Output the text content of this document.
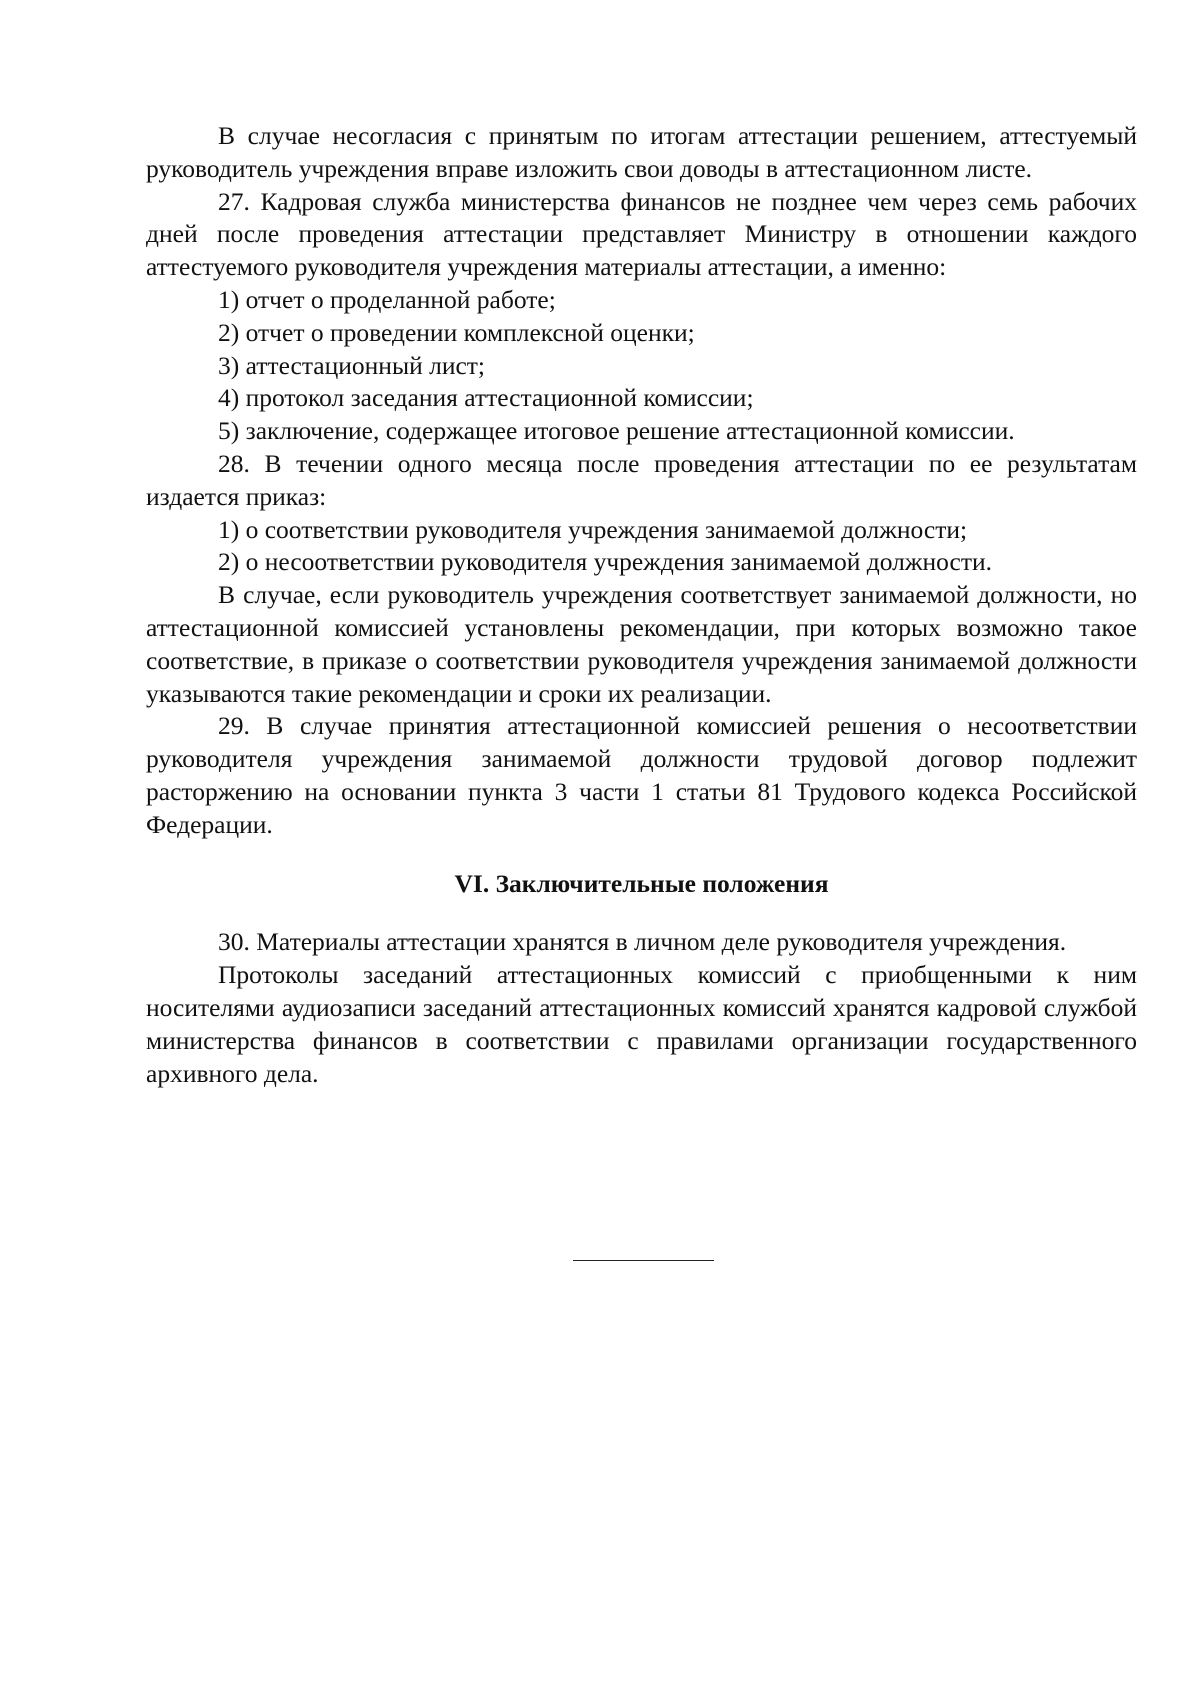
В случае несогласия с принятым по итогам аттестации решением, аттестуемый руководитель учреждения вправе изложить свои доводы в аттестационном листе.

27. Кадровая служба министерства финансов не позднее чем через семь рабочих дней после проведения аттестации представляет Министру в отношении каждого аттестуемого руководителя учреждения материалы аттестации, а именно:

1) отчет о проделанной работе;

2) отчет о проведении комплексной оценки;

3) аттестационный лист;

4) протокол заседания аттестационной комиссии;

5) заключение, содержащее итоговое решение аттестационной комиссии.

28. В течении одного месяца после проведения аттестации по ее результатам издается приказ:

1) о соответствии руководителя учреждения занимаемой должности;

2) о несоответствии руководителя учреждения занимаемой должности.

В случае, если руководитель учреждения соответствует занимаемой должности, но аттестационной комиссией установлены рекомендации, при которых возможно такое соответствие, в приказе о соответствии руководителя учреждения занимаемой должности указываются такие рекомендации и сроки их реализации.

29. В случае принятия аттестационной комиссией решения о несоответствии руководителя учреждения занимаемой должности трудовой договор подлежит расторжению на основании пункта 3 части 1 статьи 81 Трудового кодекса Российской Федерации.

VI. Заключительные положения

30. Материалы аттестации хранятся в личном деле руководителя учреждения.

Протоколы заседаний аттестационных комиссий с приобщенными к ним носителями аудиозаписи заседаний аттестационных комиссий хранятся кадровой службой министерства финансов в соответствии с правилами организации государственного архивного дела.
